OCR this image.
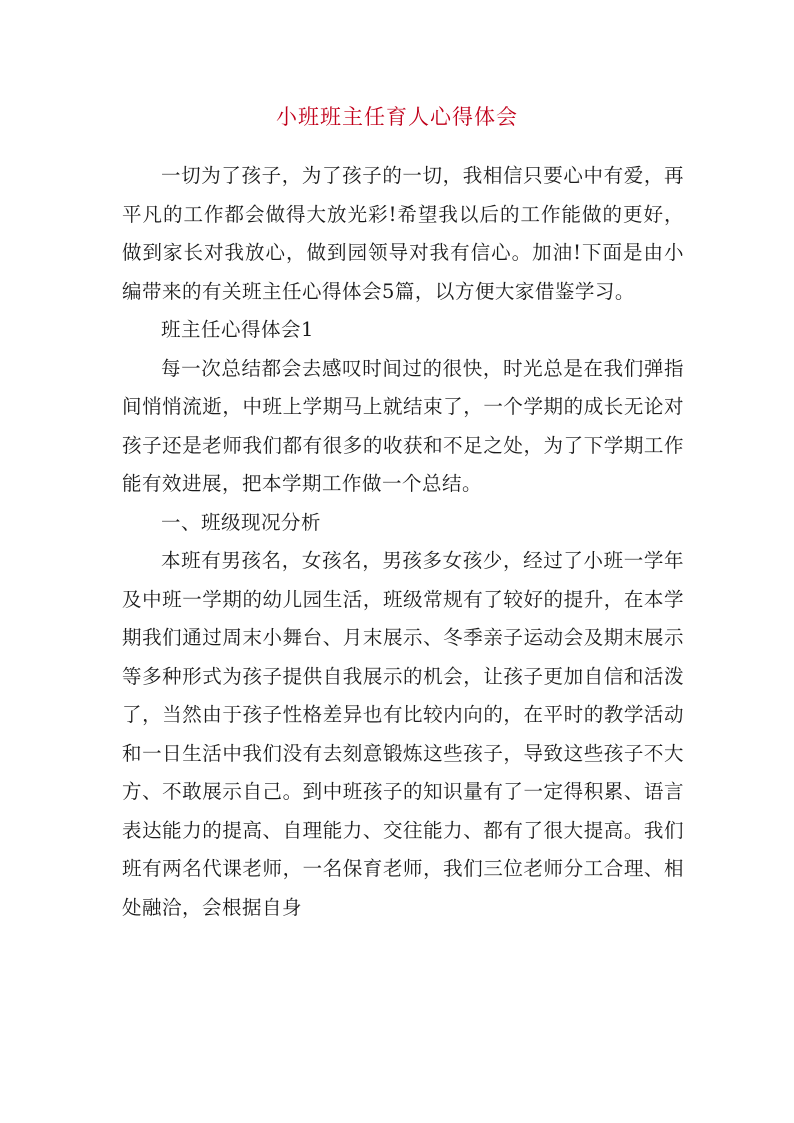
小班班主任育人心得体会

一切为了孩子，为了孩子的一切，我相信只要心中有爱，再平凡的工作都会做得大放光彩!希望我以后的工作能做的更好，做到家长对我放心，做到园领导对我有信心。加油!下面是由小编带来的有关班主任心得体会5篇，以方便大家借鉴学习。

班主任心得体会1

每一次总结都会去感叹时间过的很快，时光总是在我们弹指间悄悄流逝，中班上学期马上就结束了，一个学期的成长无论对孩子还是老师我们都有很多的收获和不足之处，为了下学期工作能有效进展，把本学期工作做一个总结。

一、班级现况分析

本班有男孩名，女孩名，男孩多女孩少，经过了小班一学年及中班一学期的幼儿园生活，班级常规有了较好的提升，在本学期我们通过周末小舞台、月末展示、冬季亲子运动会及期末展示等多种形式为孩子提供自我展示的机会，让孩子更加自信和活泼了，当然由于孩子性格差异也有比较内向的，在平时的教学活动和一日生活中我们没有去刻意锻炼这些孩子，导致这些孩子不大方、不敢展示自己。到中班孩子的知识量有了一定得积累、语言表达能力的提高、自理能力、交往能力、都有了很大提高。我们班有两名代课老师，一名保育老师，我们三位老师分工合理、相处融洽，会根据自身
